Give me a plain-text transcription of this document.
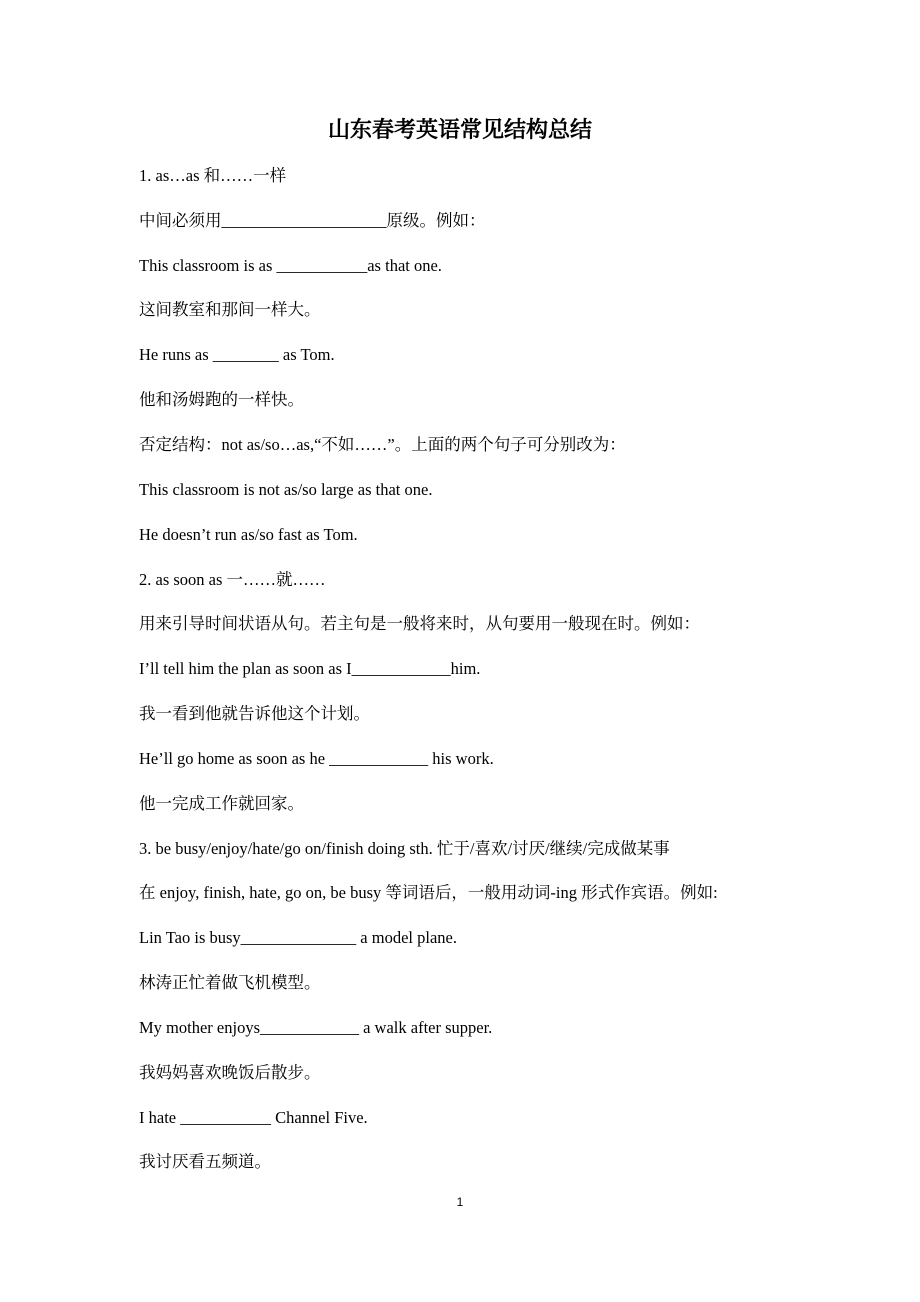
山东春考英语常见结构总结
1. as…as 和……一样
中间必须用____________________原级。例如：
This classroom is as ___________as that one.
这间教室和那间一样大。
He runs as ________ as Tom.
他和汤姆跑的一样快。
否定结构：not as/so…as,“不如……”。上面的两个句子可分别改为：
This classroom is not as/so large as that one.
He doesn’t run as/so fast as Tom.
2. as soon as 一……就……
用来引导时间状语从句。若主句是一般将来时，从句要用一般现在时。例如：
I’ll tell him the plan as soon as I____________him.
我一看到他就告诉他这个计划。
He’ll go home as soon as he ____________ his work.
他一完成工作就回家。
3. be busy/enjoy/hate/go on/finish doing sth. 忙于/喜欢/讨厌/继续/完成做某事
在 enjoy, finish, hate, go on, be busy 等词语后，一般用动词-ing 形式作宾语。例如:
Lin Tao is busy______________ a model plane.
林涛正忙着做飞机模型。
My mother enjoys____________ a walk after supper.
我妈妈喜欢晚饭后散步。
I hate ___________ Channel Five.
我讨厌看五频道。
1
